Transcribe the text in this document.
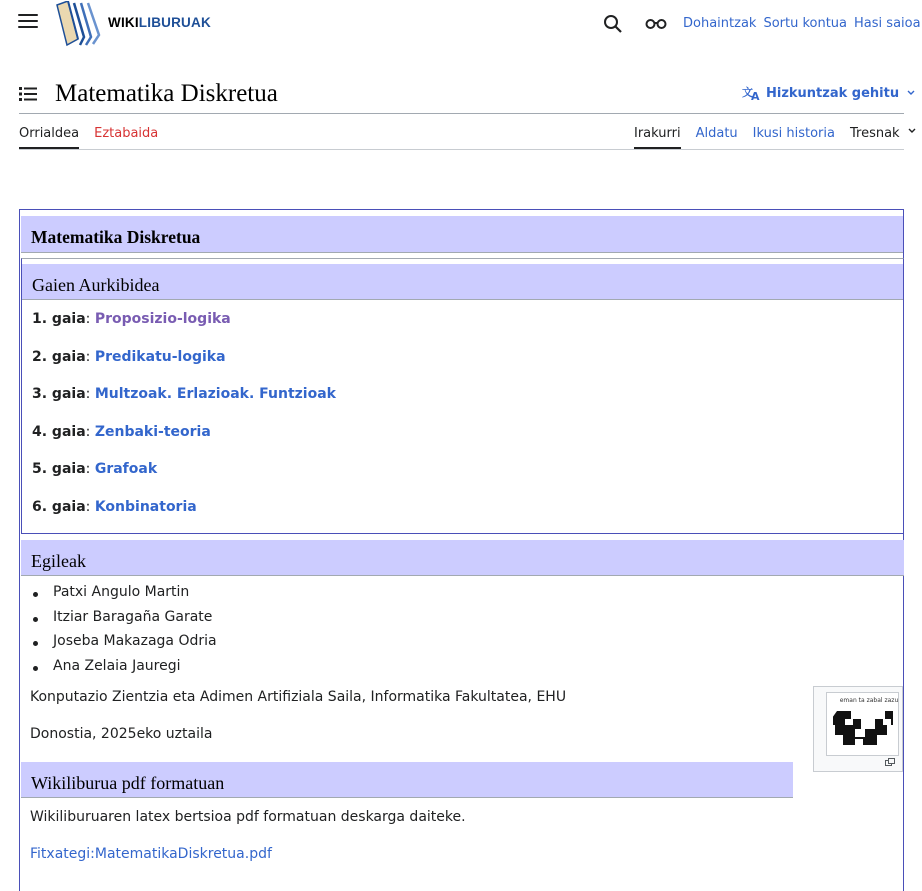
WIKILIBURUAK	Dohaintzak Sortu kontua Hasi saioa
Matematika Diskretua	文
A Hizkuntzak gehitu
Orrialdea Eztabaida	Irakurri Aldatu Ikusi historia Tresnak
Matematika Diskretua
Gaien Aurkibidea
1. gaia: Proposizio-logika
2. gaia: Predikatu-logika
3. gaia: Multzoak. Erlazioak. Funtzioak
4. gaia: Zenbaki-teoria
5. gaia: Grafoak
6. gaia: Konbinatoria
Egileak
Patxi Angulo Martin
Itziar Baragaña Garate
Joseba Makazaga Odria
Ana Zelaia Jauregi
Konputazio Zientzia eta Adimen Artifiziala Saila, Informatika Fakultatea, EHU
Donostia, 2025eko uztaila
eman ta zabal zazu
Wikiliburua pdf formatuan
Wikiliburuaren latex bertsioa pdf formatuan deskarga daiteke.
Fitxategi:MatematikaDiskretua.pdf
